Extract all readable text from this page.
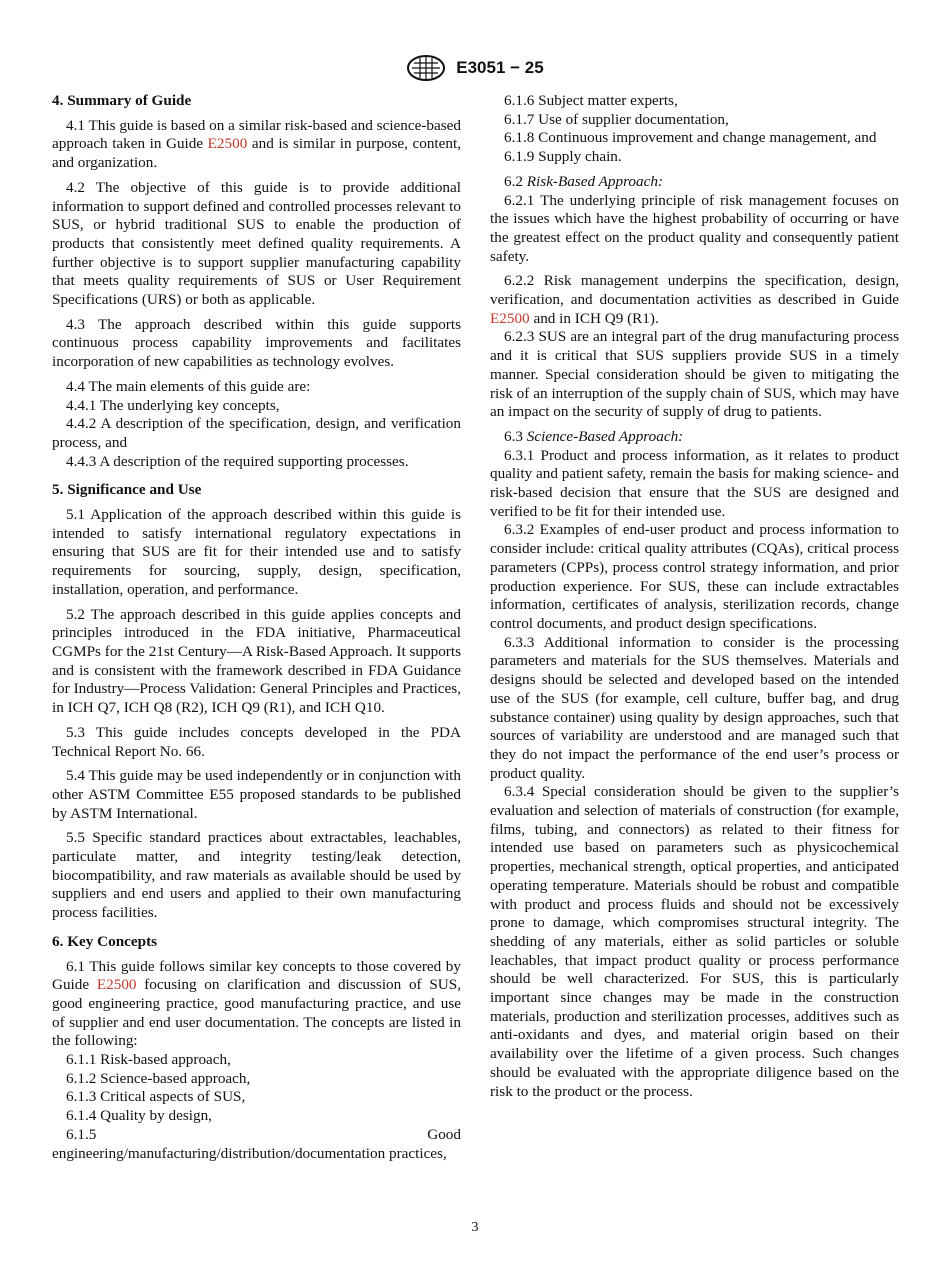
E3051 − 25
4. Summary of Guide

4.1 This guide is based on a similar risk-based and science-based approach taken in Guide E2500 and is similar in purpose, content, and organization.

4.2 The objective of this guide is to provide additional information to support defined and controlled processes relevant to SUS, or hybrid traditional SUS to enable the production of products that consistently meet defined quality requirements. A further objective is to support supplier manufacturing capability that meets quality requirements of SUS or User Requirement Specifications (URS) or both as applicable.

4.3 The approach described within this guide supports continuous process capability improvements and facilitates incorporation of new capabilities as technology evolves.

4.4 The main elements of this guide are:

4.4.1 The underlying key concepts,

4.4.2 A description of the specification, design, and verification process, and

4.4.3 A description of the required supporting processes.

5. Significance and Use

5.1 Application of the approach described within this guide is intended to satisfy international regulatory expectations in ensuring that SUS are fit for their intended use and to satisfy requirements for sourcing, supply, design, specification, installation, operation, and performance.

5.2 The approach described in this guide applies concepts and principles introduced in the FDA initiative, Pharmaceutical CGMPs for the 21st Century—A Risk-Based Approach. It supports and is consistent with the framework described in FDA Guidance for Industry—Process Validation: General Principles and Practices, in ICH Q7, ICH Q8 (R2), ICH Q9 (R1), and ICH Q10.

5.3 This guide includes concepts developed in the PDA Technical Report No. 66.

5.4 This guide may be used independently or in conjunction with other ASTM Committee E55 proposed standards to be published by ASTM International.

5.5 Specific standard practices about extractables, leachables, particulate matter, and integrity testing/leak detection, biocompatibility, and raw materials as available should be used by suppliers and end users and applied to their own manufacturing process facilities.

6. Key Concepts

6.1 This guide follows similar key concepts to those covered by Guide E2500 focusing on clarification and discussion of SUS, good engineering practice, good manufacturing practice, and use of supplier and end user documentation. The concepts are listed in the following:

6.1.1 Risk-based approach,

6.1.2 Science-based approach,

6.1.3 Critical aspects of SUS,

6.1.4 Quality by design,

6.1.5 Good engineering/manufacturing/distribution/documentation practices,

6.1.6 Subject matter experts,

6.1.7 Use of supplier documentation,

6.1.8 Continuous improvement and change management, and

6.1.9 Supply chain.

6.2 Risk-Based Approach:

6.2.1 The underlying principle of risk management focuses on the issues which have the highest probability of occurring or have the greatest effect on the product quality and consequently patient safety.

6.2.2 Risk management underpins the specification, design, verification, and documentation activities as described in Guide E2500 and in ICH Q9 (R1).

6.2.3 SUS are an integral part of the drug manufacturing process and it is critical that SUS suppliers provide SUS in a timely manner. Special consideration should be given to mitigating the risk of an interruption of the supply chain of SUS, which may have an impact on the security of supply of drug to patients.

6.3 Science-Based Approach:

6.3.1 Product and process information, as it relates to product quality and patient safety, remain the basis for making science- and risk-based decision that ensure that the SUS are designed and verified to be fit for their intended use.

6.3.2 Examples of end-user product and process information to consider include: critical quality attributes (CQAs), critical process parameters (CPPs), process control strategy information, and prior production experience. For SUS, these can include extractables information, certificates of analysis, sterilization records, change control documents, and product design specifications.

6.3.3 Additional information to consider is the processing parameters and materials for the SUS themselves. Materials and designs should be selected and developed based on the intended use of the SUS (for example, cell culture, buffer bag, and drug substance container) using quality by design approaches, such that sources of variability are understood and are managed such that they do not impact the performance of the end user’s process or product quality.

6.3.4 Special consideration should be given to the supplier’s evaluation and selection of materials of construction (for example, films, tubing, and connectors) as related to their fitness for intended use based on parameters such as physicochemical properties, mechanical strength, optical properties, and anticipated operating temperature. Materials should be robust and compatible with product and process fluids and should not be excessively prone to damage, which compromises structural integrity. The shedding of any materials, either as solid particles or soluble leachables, that impact product quality or process performance should be well characterized. For SUS, this is particularly important since changes may be made in the construction materials, production and sterilization processes, additives such as anti-oxidants and dyes, and material origin based on their availability over the lifetime of a given process. Such changes should be evaluated with the appropriate diligence based on the risk to the product or the process.

3
